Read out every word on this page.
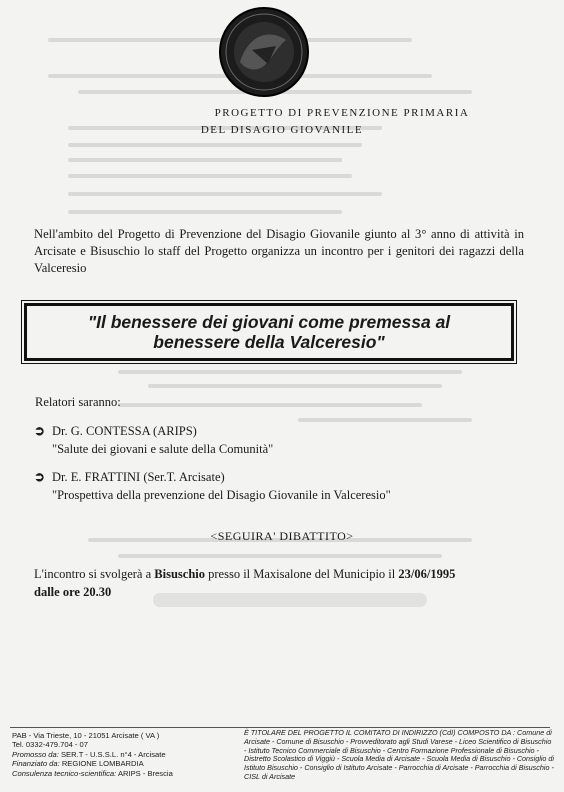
PROGETTO DI PREVENZIONE PRIMARIA
DEL DISAGIO GIOVANILE
Nell'ambito del Progetto di Prevenzione del Disagio Giovanile giunto al 3° anno di attività in Arcisate e Bisuschio lo staff del Progetto organizza un incontro per i genitori dei ragazzi della Valceresio
"Il benessere dei giovani come premessa al benessere della Valceresio"
Relatori saranno:
➲ Dr. G. CONTESSA (ARIPS)
"Salute dei giovani e salute della Comunità"
➲ Dr. E. FRATTINI (Ser.T. Arcisate)
"Prospettiva della prevenzione del Disagio Giovanile in Valceresio"
<SEGUIRA' DIBATTITO>
L'incontro si svolgerà a Bisuschio presso il Maxisalone del Municipio il 23/06/1995
dalle ore 20.30
PAB - Via Trieste, 10 - 21051 Arcisate ( VA )
Tel. 0332-479.704 - 07
Promosso da: SER.T - U.S.S.L. n°4 - Arcisate
Finanziato da: REGIONE LOMBARDIA
Consulenza tecnico-scientifica: ARIPS - Brescia
È TITOLARE DEL PROGETTO IL COMITATO DI INDIRIZZO (CdI) COMPOSTO DA : Comune di Arcisate - Comune di Bisuschio - Provveditorato agli Studi Varese - Liceo Scientifico di Bisuschio - Istituto Tecnico Commerciale di Bisuschio - Centro Formazione Professionale di Bisuschio - Distretto Scolastico di Viggiù - Scuola Media di Arcisate - Scuola Media di Bisuschio - Consiglio di Istituto Bisuschio - Consiglio di Istituto Arcisate - Parrocchia di Arcisate - Parrocchia di Bisuschio - CISL di Arcisate
